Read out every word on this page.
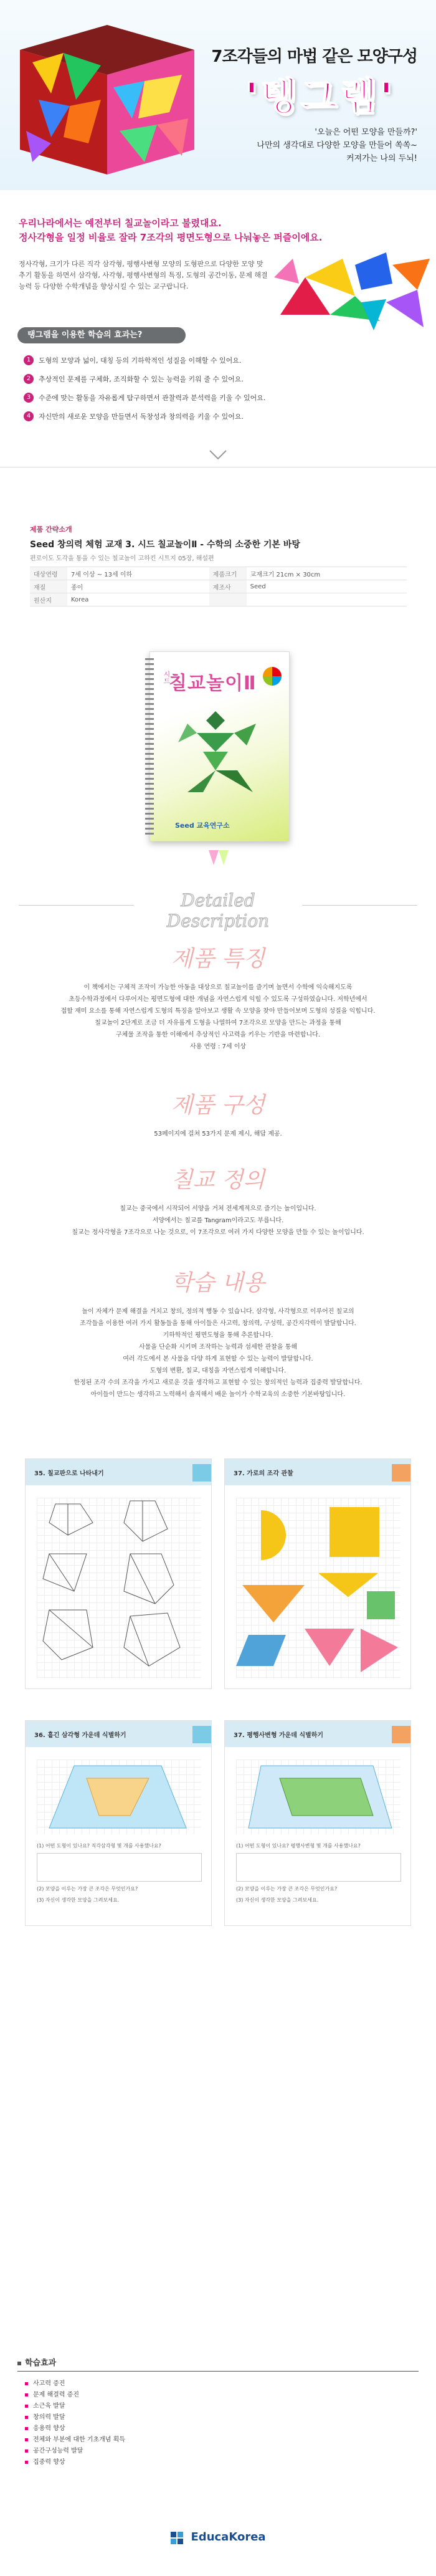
7조각들의 마법 같은 모양구성
'탱그램'
'오늘은 어떤 모양을 만들까?'
나만의 생각대로 다양한 모양을 만들어 쏙쏙~
커져가는 나의 두뇌!
우리나라에서는 예전부터 칠교놀이라고 불렸대요.
정사각형을 일정 비율로 잘라 7조각의 평면도형으로 나눠놓은 퍼즐이에요.
정사각형, 크기가 다른 직각 삼각형, 평행사변형 모양의 도형판으로 다양한 모양 맞추기 활동을 하면서 삼각형, 사각형, 평행사변형의 특징, 도형의 공간이동, 문제 해결 능력 등 다양한 수학개념을 향상시킬 수 있는 교구랍니다.
탱그램을 이용한 학습의 효과는?
1	도형의 모양과 넓이, 대칭 등의 기하학적인 성질을 이해할 수 있어요.
2	추상적인 문제를 구체화, 조직화할 수 있는 능력을 키워 줄 수 있어요.
3	수준에 맞는 활동을 자유롭게 탐구하면서 관찰력과 분석력을 키울 수 있어요.
4	자신만의 새로운 모양을 만들면서 독창성과 창의력을 키울 수 있어요.
제품 간략소개
Seed 창의력 체험 교재 3. 시드 칠교놀이Ⅱ - 수학의 소중한 기본 바탕
편로이도 도각을 통을 수 있는 칠교놀이 고하킨 시트지 05장, 해설편
대상연령	7세 이상 ~ 13세 이하	제품크기	교재크기 21cm × 30cm
재질	종이	제조사	Seed
원산지	Korea		
시드
칠교놀이Ⅱ
Seed 교육연구소
Detailed Description
제품 특징
이 책에서는 구체적 조작이 가능한 아동을 대상으로 칠교놀이를 즐기며 놀면서 수학에 익숙해지도록
초등수학과정에서 다루어지는 평면도형에 대한 개념을 자연스럽게 익힐 수 있도록 구성하였습니다. 저학년에서
접할 재미 요소를 통해 자연스럽게 도형의 특징을 알아보고 생활 속 모양을 찾아 만들어보며 도형의 성질을 익힙니다.
칠교놀이 2단계로 조금 더 자유롭게 도형을 나열하여 7조각으로 모양을 만드는 과정을 통해
구체물 조작을 통한 이해에서 추상적인 사고력을 키우는 기반을 마련합니다.
사용 연령 : 7세 이상
제품 구성
53페이지에 걸쳐 53가지 문제 제시, 해답 제공.
칠교 정의
칠교는 중국에서 시작되어 서양을 거쳐 전세계적으로 즐기는 놀이입니다.
서양에서는 칠교를 Tangram이라고도 부릅니다.
칠교는 정사각형을 7조각으로 나눈 것으로, 이 7조각으로 여러 가지 다양한 모양을 만들 수 있는 놀이입니다.
학습 내용
놀이 자체가 문제 해결을 거치고 창의, 정의적 행동 수 있습니다. 삼각형, 사각형으로 이루어진 칠교의
조각들을 이용한 여러 가지 활동들을 통해 아이들은 사고력, 창의력, 구성력, 공간지각력이 발달합니다.
기하학적인 평면도형을 통해 추론합니다.
사물을 단순화 시키며 조작하는 능력과 섬세한 관찰을 통해
여러 각도에서 본 사물을 다양 하게 표현할 수 있는 능력이 발달합니다.
도형의 변환, 칠교, 대칭을 자연스럽게 이해합니다.
한정된 조각 수의 조각을 가지고 새로운 것을 생각하고 표현할 수 있는 창의적인 능력과 집중력 발달합니다.
아이들이 만드는 생각하고 노력해서 솔직해서 배운 놀이가 수학교육의 소중한 기본바탕입니다.
35. 칠교판으로 나타내기	37. 가로의 조각 관찰
36. 흩긴 삼각형 가운데 식별하기
(1) 어떤 도형이 있나요? 직각삼각형 몇 개를 사용했나요?
(2) 모양을 이루는 가장 큰 조각은 무엇인가요?
(3) 자신이 생각한 모양을 그려보세요.
37. 평행사변형 가운데 식별하기
(1) 어떤 도형이 있나요? 평행사변형 몇 개를 사용했나요?
(2) 모양을 이루는 가장 큰 조각은 무엇인가요?
(3) 자신이 생각한 모양을 그려보세요.
학습효과
사고력 증진
문제 해결력 증진
소근육 발달
창의력 발달
응용력 향상
전체와 부분에 대한 기초개념 획득
공간구성능력 발달
집중력 향상
EducaKorea
